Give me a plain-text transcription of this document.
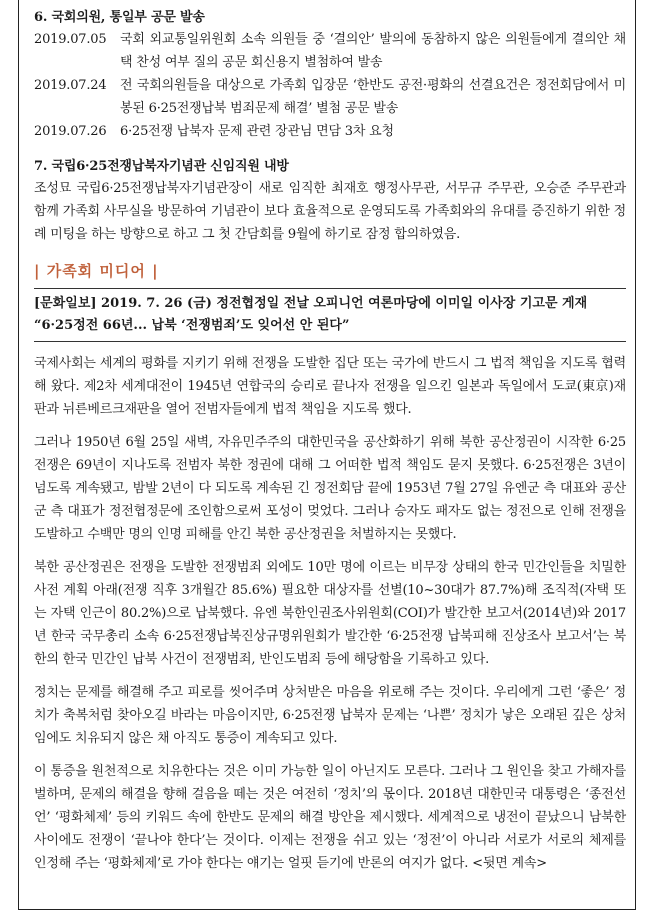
6. 국회의원, 통일부 공문 발송

2019.07.05	국회 외교통일위원회 소속 의원들 중 ‘결의안’ 발의에 동참하지 않은 의원들에게 결의안 채택 찬성 여부 질의 공문 회신용지 별첨하여 발송
2019.07.24	전 국회의원들을 대상으로 가족회 입장문 ‘한반도 공전·평화의 선결요건은 정전회담에서 미봉된 6·25전쟁납북 범죄문제 해결’ 별첨 공문 발송
2019.07.26	6·25전쟁 납북자 문제 관련 장관님 면담 3차 요청

7. 국립6·25전쟁납북자기념관 신임직원 내방

조성묘 국립6·25전쟁납북자기념관장이 새로 임직한 최재호 행정사무관, 서무규 주무관, 오승준 주무관과 함께 가족회 사무실을 방문하여 기념관이 보다 효율적으로 운영되도록 가족회와의 유대를 증진하기 위한 정례 미팅을 하는 방향으로 하고 그 첫 간담회를 9월에 하기로 잠정 합의하였음.

| 가족회 미디어 |

[문화일보] 2019. 7. 26 (금) 정전협정일 전날 오피니언 여론마당에 이미일 이사장 기고문 게재

“6·25정전 66년... 납북 ‘전쟁범죄’도 잊어선 안 된다”

국제사회는 세계의 평화를 지키기 위해 전쟁을 도발한 집단 또는 국가에 반드시 그 법적 책임을 지도록 협력해 왔다. 제2차 세계대전이 1945년 연합국의 승리로 끝나자 전쟁을 일으킨 일본과 독일에서 도쿄(東京)재판과 뉘른베르크재판을 열어 전범자들에게 법적 책임을 지도록 했다.

그러나 1950년 6월 25일 새벽, 자유민주주의 대한민국을 공산화하기 위해 북한 공산정권이 시작한 6·25전쟁은 69년이 지나도록 전범자 북한 정권에 대해 그 어떠한 법적 책임도 묻지 못했다. 6·25전쟁은 3년이 넘도록 계속됐고, 밤발 2년이 다 되도록 계속된 긴 정전회담 끝에 1953년 7월 27일 유엔군 측 대표와 공산군 측 대표가 정전협정문에 조인함으로써 포성이 멎었다. 그러나 승자도 패자도 없는 정전으로 인해 전쟁을 도발하고 수백만 명의 인명 피해를 안긴 북한 공산정권을 처벌하지는 못했다.

북한 공산정권은 전쟁을 도발한 전쟁범죄 외에도 10만 명에 이르는 비무장 상태의 한국 민간인들을 치밀한 사전 계획 아래(전쟁 직후 3개월간 85.6%) 필요한 대상자를 선별(10~30대가 87.7%)해 조직적(자택 또는 자택 인근이 80.2%)으로 납북했다. 유엔 북한인권조사위원회(COI)가 발간한 보고서(2014년)와 2017년 한국 국무총리 소속 6·25전쟁납북진상규명위원회가 발간한 ‘6·25전쟁 납북피해 진상조사 보고서’는 북한의 한국 민간인 납북 사건이 전쟁범죄, 반인도범죄 등에 해당함을 기록하고 있다.

정치는 문제를 해결해 주고 피로를 씻어주며 상처받은 마음을 위로해 주는 것이다. 우리에게 그런 ‘좋은’ 정치가 축복처럼 찾아오길 바라는 마음이지만, 6·25전쟁 납북자 문제는 ‘나쁜’ 정치가 낳은 오래된 깊은 상처임에도 치유되지 않은 채 아직도 통증이 계속되고 있다.

이 통증을 원천적으로 치유한다는 것은 이미 가능한 일이 아닌지도 모른다. 그러나 그 원인을 찾고 가해자를 벌하며, 문제의 해결을 향해 걸음을 떼는 것은 여전히 ‘정치’의 몫이다. 2018년 대한민국 대통령은 ‘종전선언’ ‘평화체제’ 등의 키워드 속에 한반도 문제의 해결 방안을 제시했다. 세계적으로 냉전이 끝났으니 남북한 사이에도 전쟁이 ‘끝나야 한다’는 것이다. 이제는 전쟁을 쉬고 있는 ‘정전’이 아니라 서로가 서로의 체제를 인정해 주는 ‘평화체제’로 가야 한다는 얘기는 얼핏 듣기에 반론의 여지가 없다. <뒷면 계속>
